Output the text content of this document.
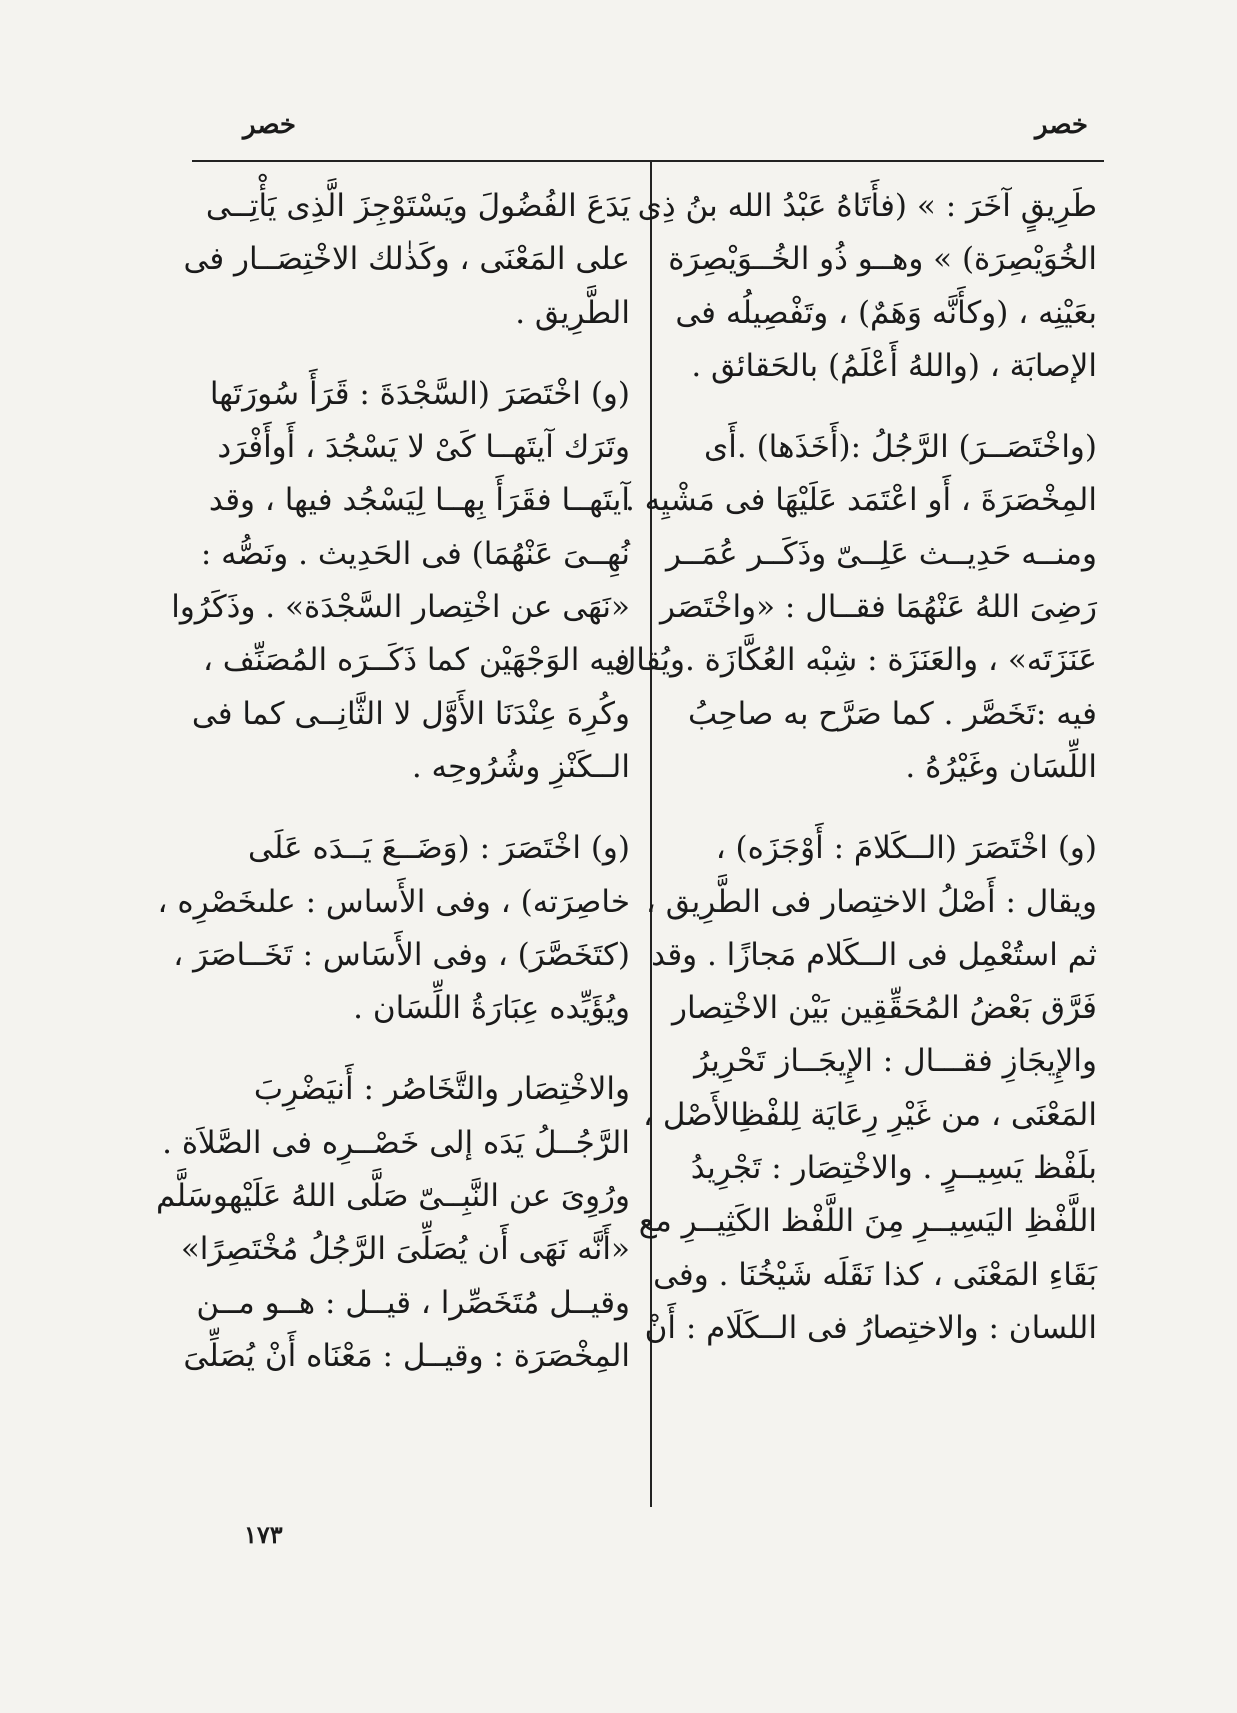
خصر	خصر
طَرِيقٍ آخَرَ : » (فأَتَاهُ عَبْدُ الله بنُ ذِى
الخُوَيْصِرَة) » وهــو ذُو الخُــوَيْصِرَة
بعَيْنِه ، (وكأَنَّه وَهَمٌ) ، وتَفْصِيلُه فى
الإصابَة ، (واللهُ أَعْلَمُ) بالحَقائق .
(واخْتَصَــرَ) الرَّجُلُ :(أَخَذَها) .أَى
المِخْصَرَةَ ، أَو اعْتَمَد عَلَيْهَا فى مَشْيِه .
ومنــه حَدِيــث عَلِــىّ وذَكَــر عُمَــر
رَضِىَ اللهُ عَنْهُمَا فقــال : «واخْتَصَر
عَنَزَتَه» ، والعَنَزَة : شِبْه العُكَّازَة .ويُقال
فيه :تَخَصَّر . كما صَرَّح به صاحِبُ
اللِّسَان وغَيْرُهُ .
(و) اخْتَصَرَ (الــكَلامَ : أَوْجَزَه) ،
ويقال : أَصْلُ الاختِصار فى الطَّرِيق ،
ثم استُعْمِل فى الــكَلام مَجازًا . وقد
فَرَّق بَعْضُ المُحَقِّقِين بَيْن الاخْتِصار
والإِيجَازِ فقـــال : الإِيجَــاز تَحْرِيرُ
المَعْنَى ، من غَيْرِ رِعَايَة لِلفْظِالأَصْل ،
بلَفْظ يَسِيــرٍ . والاخْتِصَار : تَجْرِيدُ
اللَّفْظِ اليَسِيــرِ مِنَ اللَّفْظ الكَثِيــرِ مع
بَقَاءِ المَعْنَى ، كذا نَقَلَه شَيْخُنَا . وفى
اللسان : والاختِصارُ فى الــكَلَام : أَنْ
يَدَعَ الفُضُولَ ويَسْتَوْجِزَ الَّذِى يَأْتِــى
على المَعْنَى ، وكَذٰلك الاخْتِصَــار فى
الطَّرِيق .
(و) اخْتَصَرَ (السَّجْدَةَ : قَرَأَ سُورَتَها
وتَرَك آيتَهــا كَىْ لا يَسْجُدَ ، أَوأَفْرَد
آيتَهــا فقَرَأَ بِهــا لِيَسْجُد فيها ، وقد
نُهِــىَ عَنْهُمَا) فى الحَدِيث . ونَصُّه :
«نَهَى عن اخْتِصار السَّجْدَة» . وذَكَرُوا
فيه الوَجْهَيْن كما ذَكَــرَه المُصَنِّف ،
وكُرِهَ عِنْدَنَا الأَوَّل لا الثَّانِــى كما فى
الــكَنْزِ وشُرُوحِه .
(و) اخْتَصَرَ : (وَضَــعَ يَــدَه عَلَى
خاصِرَته) ، وفى الأَساس : علىخَصْرِه ،
(كتَخَصَّرَ) ، وفى الأَسَاس : تَخَــاصَرَ ،
ويُؤَيِّده عِبَارَةُ اللِّسَان .
والاخْتِصَار والتَّخَاصُر : أَنيَضْرِبَ
الرَّجُــلُ يَدَه إلى خَصْــرِه فى الصَّلاَة .
ورُوِىَ عن النَّبِــىّ صَلَّى اللهُ عَلَيْهوسَلَّم
«أَنَّه نَهَى أَن يُصَلِّىَ الرَّجُلُ مُخْتَصِرًا»
وقيــل مُتَخَصِّرا ، قيــل : هــو مــن
المِخْصَرَة : وقيــل : مَعْنَاه أَنْ يُصَلِّىَ
١٧٣
